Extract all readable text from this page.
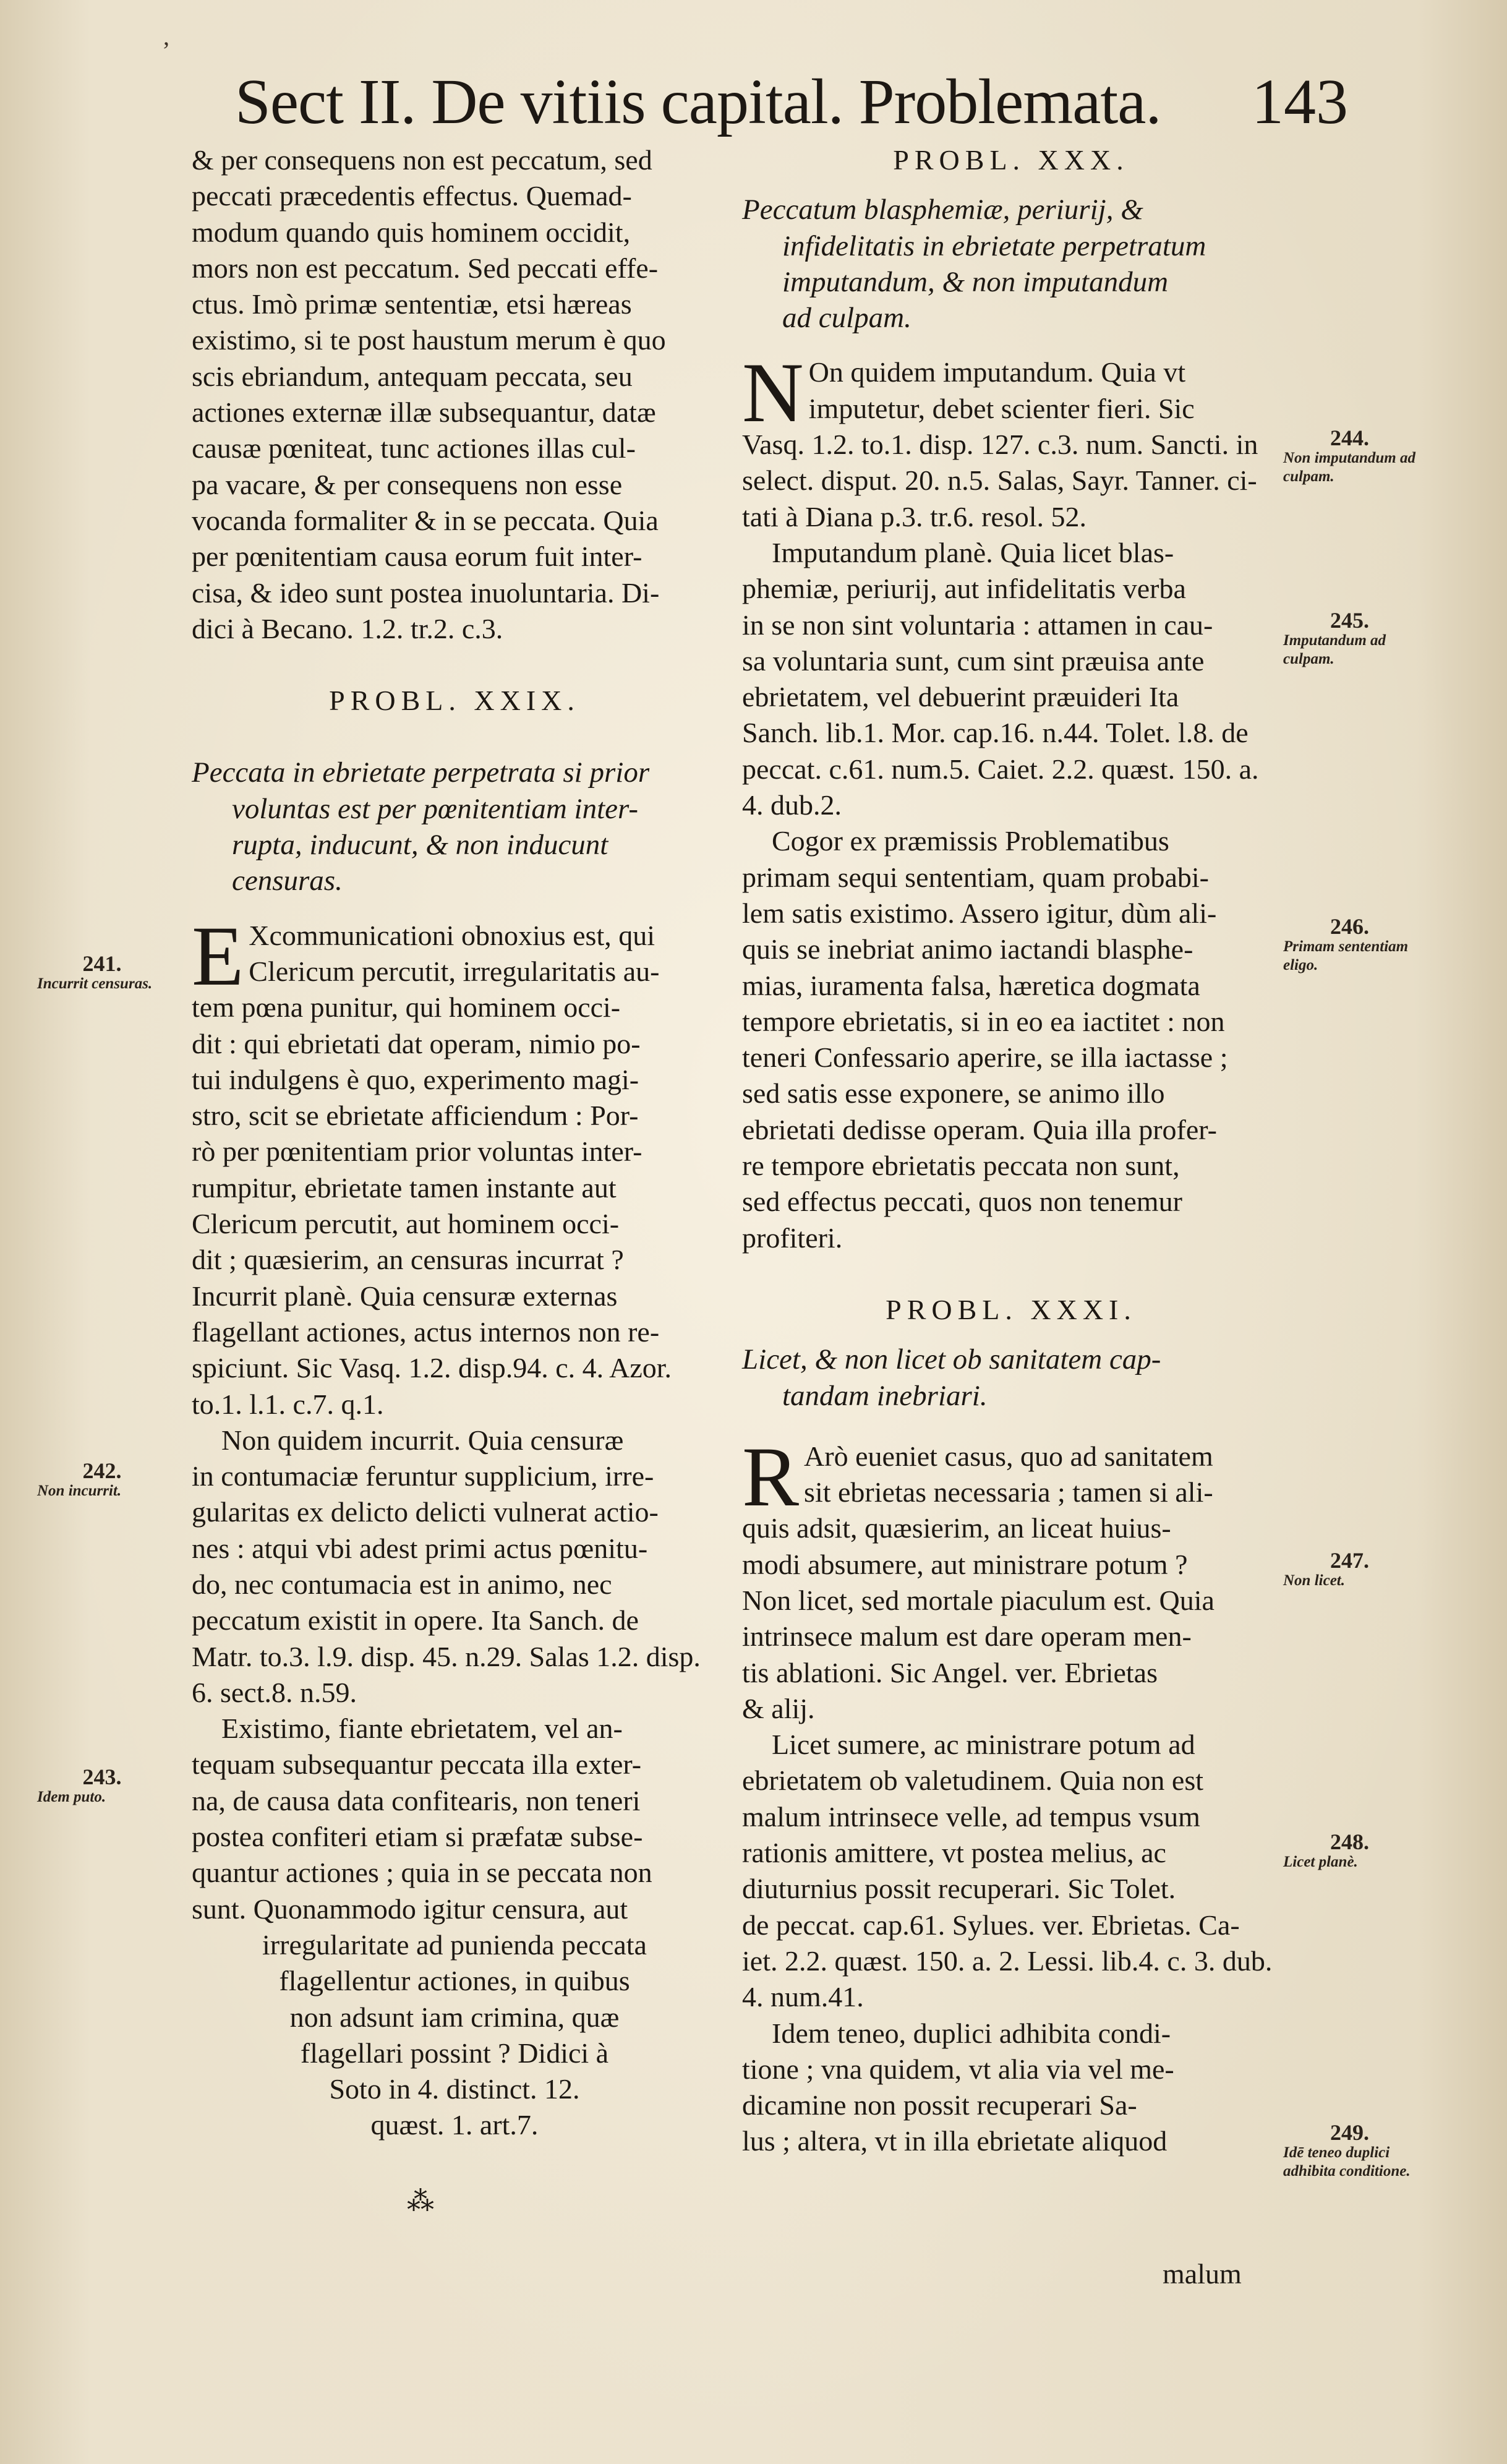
’
Sect II. De vitiis capital. Problemata. 143
& per consequens non est peccatum, sed
peccati præcedentis effectus. Quemad-
modum quando quis hominem occidit,
mors non est peccatum. Sed peccati effe-
ctus. Imò primæ sententiæ, etsi hæreas
existimo, si te post haustum merum è quo
scis ebriandum, antequam peccata, seu
actiones externæ illæ subsequantur, datæ
causæ pœniteat, tunc actiones illas cul-
pa vacare, & per consequens non esse
vocanda formaliter & in se peccata. Quia
per pœnitentiam causa eorum fuit inter-
cisa, & ideo sunt postea inuoluntaria. Di-
dici à Becano. 1.2. tr.2. c.3.
PROBL. XXIX.
Peccata in ebrietate perpetrata si prior
voluntas est per pœnitentiam inter-
rupta, inducunt, & non inducunt
censuras.
E Xcommunicationi obnoxius est, qui
Clericum percutit, irregularitatis au-
tem pœna punitur, qui hominem occi-
dit : qui ebrietati dat operam, nimio po-
tui indulgens è quo, experimento magi-
stro, scit se ebrietate afficiendum : Por-
rò per pœnitentiam prior voluntas inter-
rumpitur, ebrietate tamen instante aut
Clericum percutit, aut hominem occi-
dit ; quæsierim, an censuras incurrat ?
Incurrit planè. Quia censuræ externas
flagellant actiones, actus internos non re-
spiciunt. Sic Vasq. 1.2. disp.94. c. 4. Azor.
to.1. l.1. c.7. q.1.
Non quidem incurrit. Quia censuræ
in contumaciæ feruntur supplicium, irre-
gularitas ex delicto delicti vulnerat actio-
nes : atqui vbi adest primi actus pœnitu-
do, nec contumacia est in animo, nec
peccatum existit in opere. Ita Sanch. de
Matr. to.3. l.9. disp. 45. n.29. Salas 1.2. disp.
6. sect.8. n.59.
Existimo, fiante ebrietatem, vel an-
tequam subsequantur peccata illa exter-
na, de causa data confitearis, non teneri
postea confiteri etiam si præfatæ subse-
quantur actiones ; quia in se peccata non
sunt. Quonammodo igitur censura, aut
irregularitate ad punienda peccata
flagellentur actiones, in quibus
non adsunt iam crimina, quæ
flagellari possint ? Didici à
Soto in 4. distinct. 12.
quæst. 1. art.7.
⁂
PROBL. XXX.
Peccatum blasphemiæ, periurij, &
infidelitatis in ebrietate perpetratum
imputandum, & non imputandum
ad culpam.
N On quidem imputandum. Quia vt
imputetur, debet scienter fieri. Sic
Vasq. 1.2. to.1. disp. 127. c.3. num. Sancti. in
select. disput. 20. n.5. Salas, Sayr. Tanner. ci-
tati à Diana p.3. tr.6. resol. 52.
Imputandum planè. Quia licet blas-
phemiæ, periurij, aut infidelitatis verba
in se non sint voluntaria : attamen in cau-
sa voluntaria sunt, cum sint præuisa ante
ebrietatem, vel debuerint præuideri Ita
Sanch. lib.1. Mor. cap.16. n.44. Tolet. l.8. de
peccat. c.61. num.5. Caiet. 2.2. quæst. 150. a.
4. dub.2.
Cogor ex præmissis Problematibus
primam sequi sententiam, quam probabi-
lem satis existimo. Assero igitur, dùm ali-
quis se inebriat animo iactandi blasphe-
mias, iuramenta falsa, hæretica dogmata
tempore ebrietatis, si in eo ea iactitet : non
teneri Confessario aperire, se illa iactasse ;
sed satis esse exponere, se animo illo
ebrietati dedisse operam. Quia illa profer-
re tempore ebrietatis peccata non sunt,
sed effectus peccati, quos non tenemur
profiteri.
PROBL. XXXI.
Licet, & non licet ob sanitatem cap-
tandam inebriari.
R Arò eueniet casus, quo ad sanitatem
sit ebrietas necessaria ; tamen si ali-
quis adsit, quæsierim, an liceat huius-
modi absumere, aut ministrare potum ?
Non licet, sed mortale piaculum est. Quia
intrinsece malum est dare operam men-
tis ablationi. Sic Angel. ver. Ebrietas
& alij.
Licet sumere, ac ministrare potum ad
ebrietatem ob valetudinem. Quia non est
malum intrinsece velle, ad tempus vsum
rationis amittere, vt postea melius, ac
diuturnius possit recuperari. Sic Tolet.
de peccat. cap.61. Sylues. ver. Ebrietas. Ca-
iet. 2.2. quæst. 150. a. 2. Lessi. lib.4. c. 3. dub.
4. num.41.
Idem teneo, duplici adhibita condi-
tione ; vna quidem, vt alia via vel me-
dicamine non possit recuperari Sa-
lus ; altera, vt in illa ebrietate aliquod
malum
241.
Incurrit censuras.
242.
Non incurrit.
243.
Idem puto.
244.
Non imputandum ad culpam.
245.
Imputandum ad culpam.
246.
Primam sententiam eligo.
247.
Non licet.
248.
Licet planè.
249.
Idē teneo duplici adhibita conditione.
